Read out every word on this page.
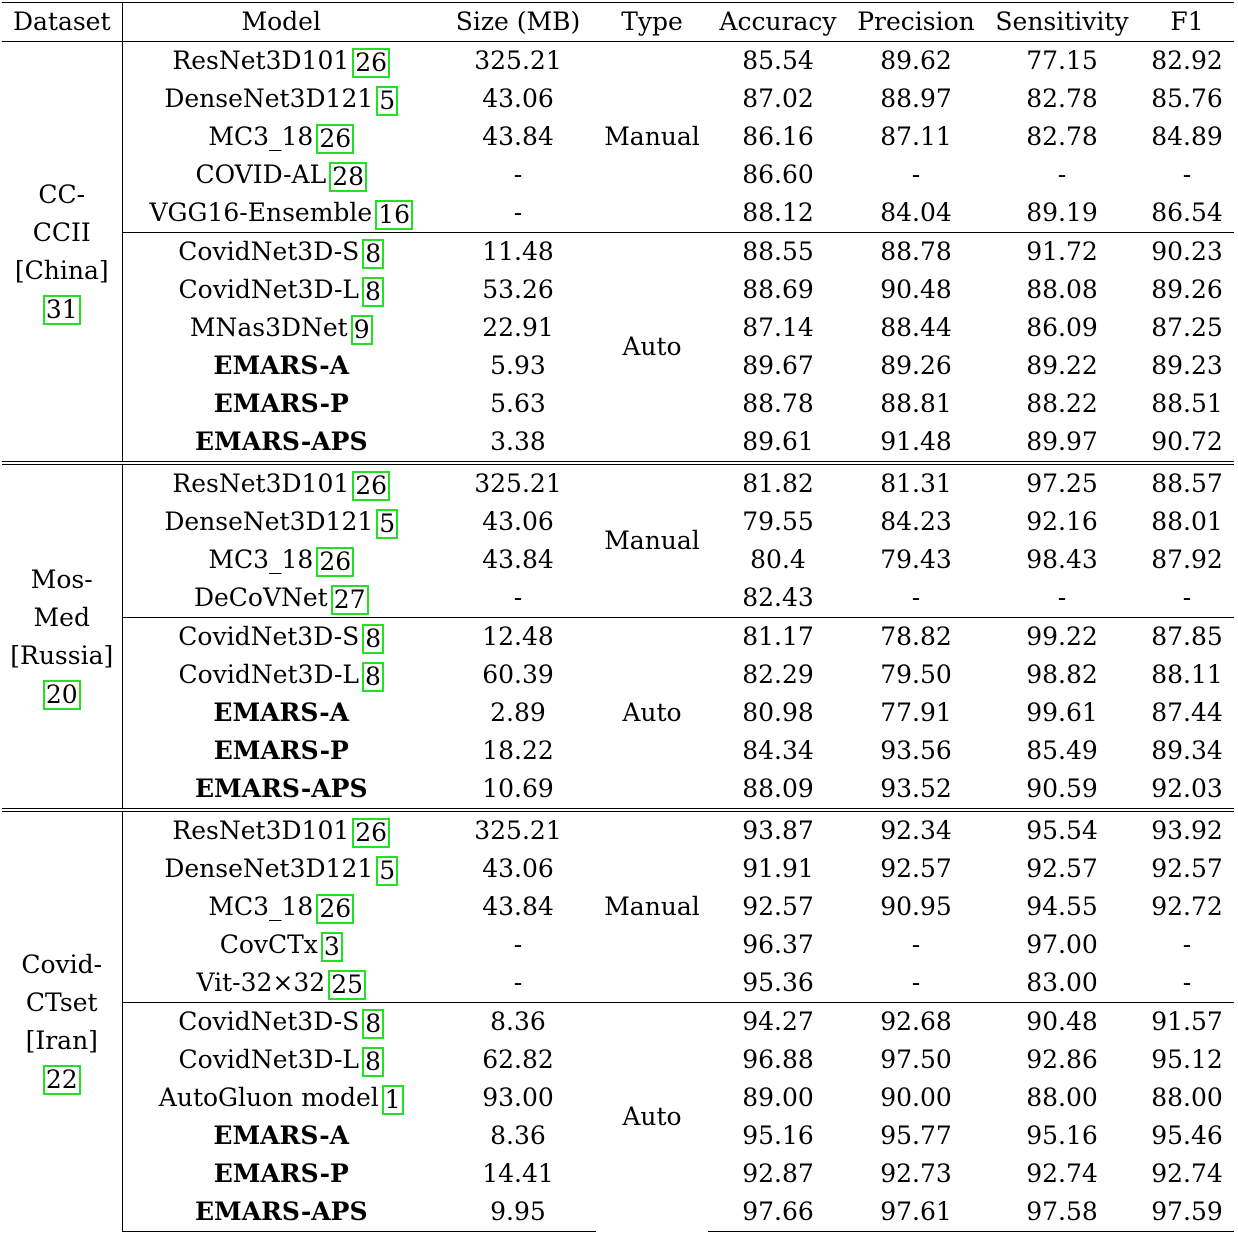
Dataset	Model	Size (MB)	Type	Accuracy	Precision	Sensitivity	F1

CC-
CCII
[China]
31	ResNet3D101 26	325.21	Manual	85.54	89.62	77.15	82.92
	DenseNet3D121 5	43.06		87.02	88.97	82.78	85.76
	MC3_18 26	43.84		86.16	87.11	82.78	84.89
	COVID-AL 28	-		86.60	-	-	-
	VGG16-Ensemble 16	-		88.12	84.04	89.19	86.54
	CovidNet3D-S 8	11.48	Auto	88.55	88.78	91.72	90.23
	CovidNet3D-L 8	53.26		88.69	90.48	88.08	89.26
	MNas3DNet 9	22.91		87.14	88.44	86.09	87.25
	EMARS-A	5.93		89.67	89.26	89.22	89.23
	EMARS-P	5.63		88.78	88.81	88.22	88.51
	EMARS-APS	3.38		89.61	91.48	89.97	90.72

Mos-
Med
[Russia]
20	ResNet3D101 26	325.21	Manual	81.82	81.31	97.25	88.57
	DenseNet3D121 5	43.06		79.55	84.23	92.16	88.01
	MC3_18 26	43.84		80.4	79.43	98.43	87.92
	DeCoVNet 27	-		82.43	-	-	-
	CovidNet3D-S 8	12.48	Auto	81.17	78.82	99.22	87.85
	CovidNet3D-L 8	60.39		82.29	79.50	98.82	88.11
	EMARS-A	2.89		80.98	77.91	99.61	87.44
	EMARS-P	18.22		84.34	93.56	85.49	89.34
	EMARS-APS	10.69		88.09	93.52	90.59	92.03

Covid-
CTset
[Iran]
22	ResNet3D101 26	325.21	Manual	93.87	92.34	95.54	93.92
	DenseNet3D121 5	43.06		91.91	92.57	92.57	92.57
	MC3_18 26	43.84		92.57	90.95	94.55	92.72
	CovCTx 3	-		96.37	-	97.00	-
	Vit-32×32 25	-		95.36	-	83.00	-
	CovidNet3D-S 8	8.36	Auto	94.27	92.68	90.48	91.57
	CovidNet3D-L 8	62.82		96.88	97.50	92.86	95.12
	AutoGluon model 1	93.00		89.00	90.00	88.00	88.00
	EMARS-A	8.36		95.16	95.77	95.16	95.46
	EMARS-P	14.41		92.87	92.73	92.74	92.74
	EMARS-APS	9.95		97.66	97.61	97.58	97.59
